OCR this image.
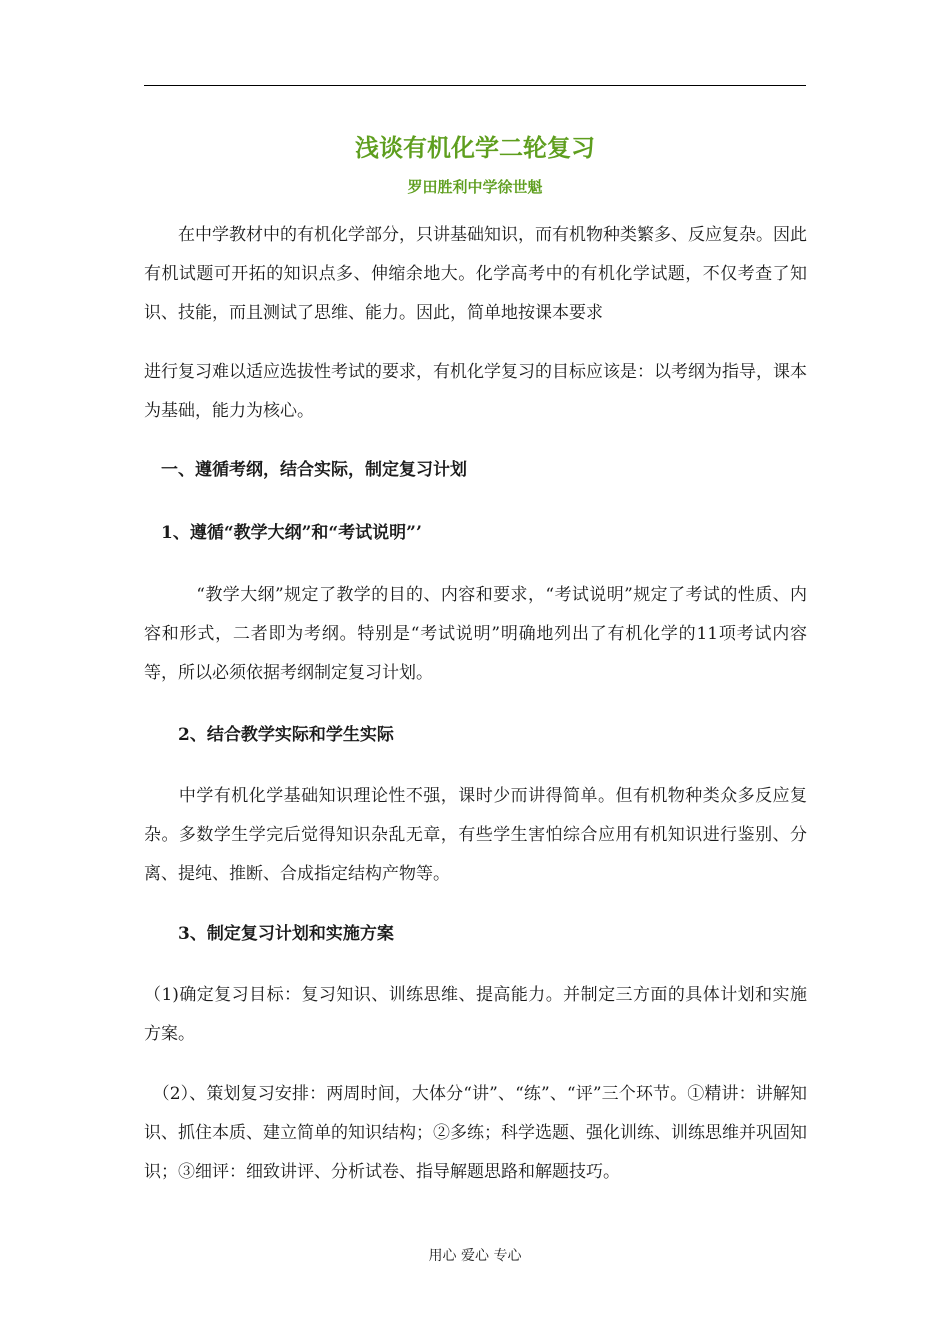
浅谈有机化学二轮复习
罗田胜利中学徐世魁

　　在中学教材中的有机化学部分，只讲基础知识，而有机物种类繁多、反应复杂。因此有机试题可开拓的知识点多、伸缩余地大。化学高考中的有机化学试题，不仅考查了知识、技能，而且测试了思维、能力。因此，简单地按课本要求

进行复习难以适应选拔性考试的要求，有机化学复习的目标应该是：以考纲为指导，课本为基础，能力为核心。

　一、遵循考纲，结合实际，制定复习计划
　1、遵循“教学大纲”和“考试说明”’

　　　“教学大纲”规定了教学的目的、内容和要求，“考试说明”规定了考试的性质、内容和形式，二者即为考纲。特别是“考试说明”明确地列出了有机化学的11项考试内容等，所以必须依据考纲制定复习计划。

　　2、结合教学实际和学生实际

　　中学有机化学基础知识理论性不强，课时少而讲得简单。但有机物种类众多反应复杂。多数学生学完后觉得知识杂乱无章，有些学生害怕综合应用有机知识进行鉴别、分离、提纯、推断、合成指定结构产物等。

　　3、制定复习计划和实施方案

（1)确定复习目标：复习知识、训练思维、提高能力。并制定三方面的具体计划和实施方案。

　（2）、策划复习安排：两周时间，大体分“讲”、“练”、“评”三个环节。①精讲：讲解知识、抓住本质、建立简单的知识结构；②多练；科学选题、强化训练、训练思维并巩固知识；③细评：细致讲评、分析试卷、指导解题思路和解题技巧。

用心 爱心 专心
